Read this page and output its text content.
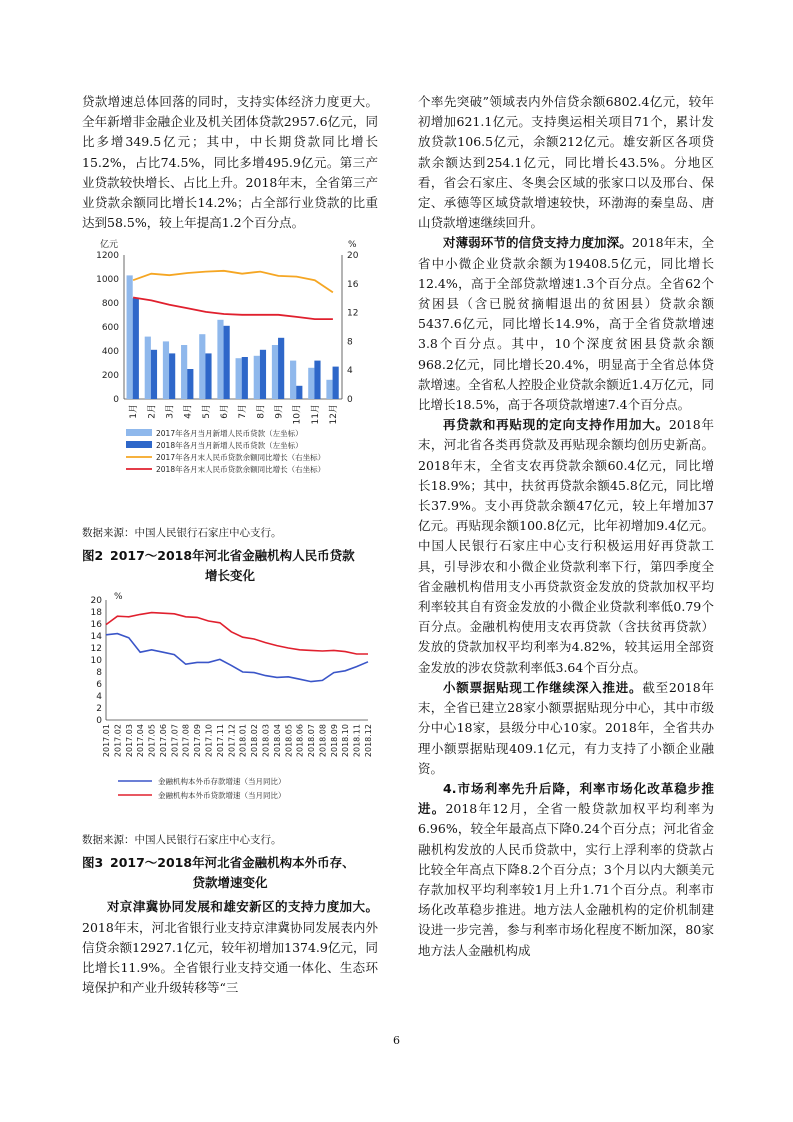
贷款增速总体回落的同时，支持实体经济力度更大。全年新增非金融企业及机关团体贷款2957.6亿元，同比多增349.5亿元；其中，中长期贷款同比增长15.2%，占比74.5%，同比多增495.9亿元。第三产业贷款较快增长、占比上升。2018年末，全省第三产业贷款余额同比增长14.2%；占全部行业贷款的比重达到58.5%，较上年提高1.2个百分点。

亿元	%
0
200
400
600
800
1000
1200
0
4
8
12
16
20
1月 2月 3月 4月 5月 6月 7月 8月 9月 10月 11月 12月
2017年各月当月新增人民币贷款（左坐标）
2018年各月当月新增人民币贷款（左坐标）
2017年各月末人民币贷款余额同比增长（右坐标）
2018年各月末人民币贷款余额同比增长（右坐标）

数据来源：中国人民银行石家庄中心支行。

图2 2017～2018年河北省金融机构人民币贷款
增长变化
%
0
2
4
6
8
10
12
14
16
18
20
2017.01 2017.02 2017.03 2017.04 2017.05 2017.06 2017.07 2017.08 2017.09 2017.10 2017.11 2017.12 2018.01 2018.02 2018.03 2018.04 2018.05 2018.06 2018.07 2018.08 2018.09 2018.10 2018.11 2018.12
金融机构本外币存款增速（当月同比）
金融机构本外币贷款增速（当月同比）

数据来源：中国人民银行石家庄中心支行。

图3 2017～2018年河北省金融机构本外币存、
贷款增速变化

对京津冀协同发展和雄安新区的支持力度加大。2018年末，河北省银行业支持京津冀协同发展表内外信贷余额12927.1亿元，较年初增加1374.9亿元，同比增长11.9%。全省银行业支持交通一体化、生态环境保护和产业升级转移等“三

个率先突破”领域表内外信贷余额6802.4亿元，较年初增加621.1亿元。支持奥运相关项目71个，累计发放贷款106.5亿元，余额212亿元。雄安新区各项贷款余额达到254.1亿元，同比增长43.5%。分地区看，省会石家庄、冬奥会区域的张家口以及邢台、保定、承德等区域贷款增速较快，环渤海的秦皇岛、唐山贷款增速继续回升。

对薄弱环节的信贷支持力度加深。2018年末，全省中小微企业贷款余额为19408.5亿元，同比增长12.4%，高于全部贷款增速1.3个百分点。全省62个贫困县（含已脱贫摘帽退出的贫困县）贷款余额5437.6亿元，同比增长14.9%，高于全省贷款增速3.8个百分点。其中，10个深度贫困县贷款余额968.2亿元，同比增长20.4%，明显高于全省总体贷款增速。全省私人控股企业贷款余额近1.4万亿元，同比增长18.5%，高于各项贷款增速7.4个百分点。

再贷款和再贴现的定向支持作用加大。2018年末，河北省各类再贷款及再贴现余额均创历史新高。2018年末，全省支农再贷款余额60.4亿元，同比增长18.9%；其中，扶贫再贷款余额45.8亿元，同比增长37.9%。支小再贷款余额47亿元，较上年增加37亿元。再贴现余额100.8亿元，比年初增加9.4亿元。中国人民银行石家庄中心支行积极运用好再贷款工具，引导涉农和小微企业贷款利率下行，第四季度全省金融机构借用支小再贷款资金发放的贷款加权平均利率较其自有资金发放的小微企业贷款利率低0.79个百分点。金融机构使用支农再贷款（含扶贫再贷款）发放的贷款加权平均利率为4.82%，较其运用全部资金发放的涉农贷款利率低3.64个百分点。

小额票据贴现工作继续深入推进。截至2018年末，全省已建立28家小额票据贴现分中心，其中市级分中心18家，县级分中心10家。2018年，全省共办理小额票据贴现409.1亿元，有力支持了小额企业融资。

4.市场利率先升后降，利率市场化改革稳步推进。2018年12月，全省一般贷款加权平均利率为6.96%，较全年最高点下降0.24个百分点；河北省金融机构发放的人民币贷款中，实行上浮利率的贷款占比较全年高点下降8.2个百分点；3个月以内大额美元存款加权平均利率较1月上升1.71个百分点。利率市场化改革稳步推进。地方法人金融机构的定价机制建设进一步完善，参与利率市场化程度不断加深，80家地方法人金融机构成

6
